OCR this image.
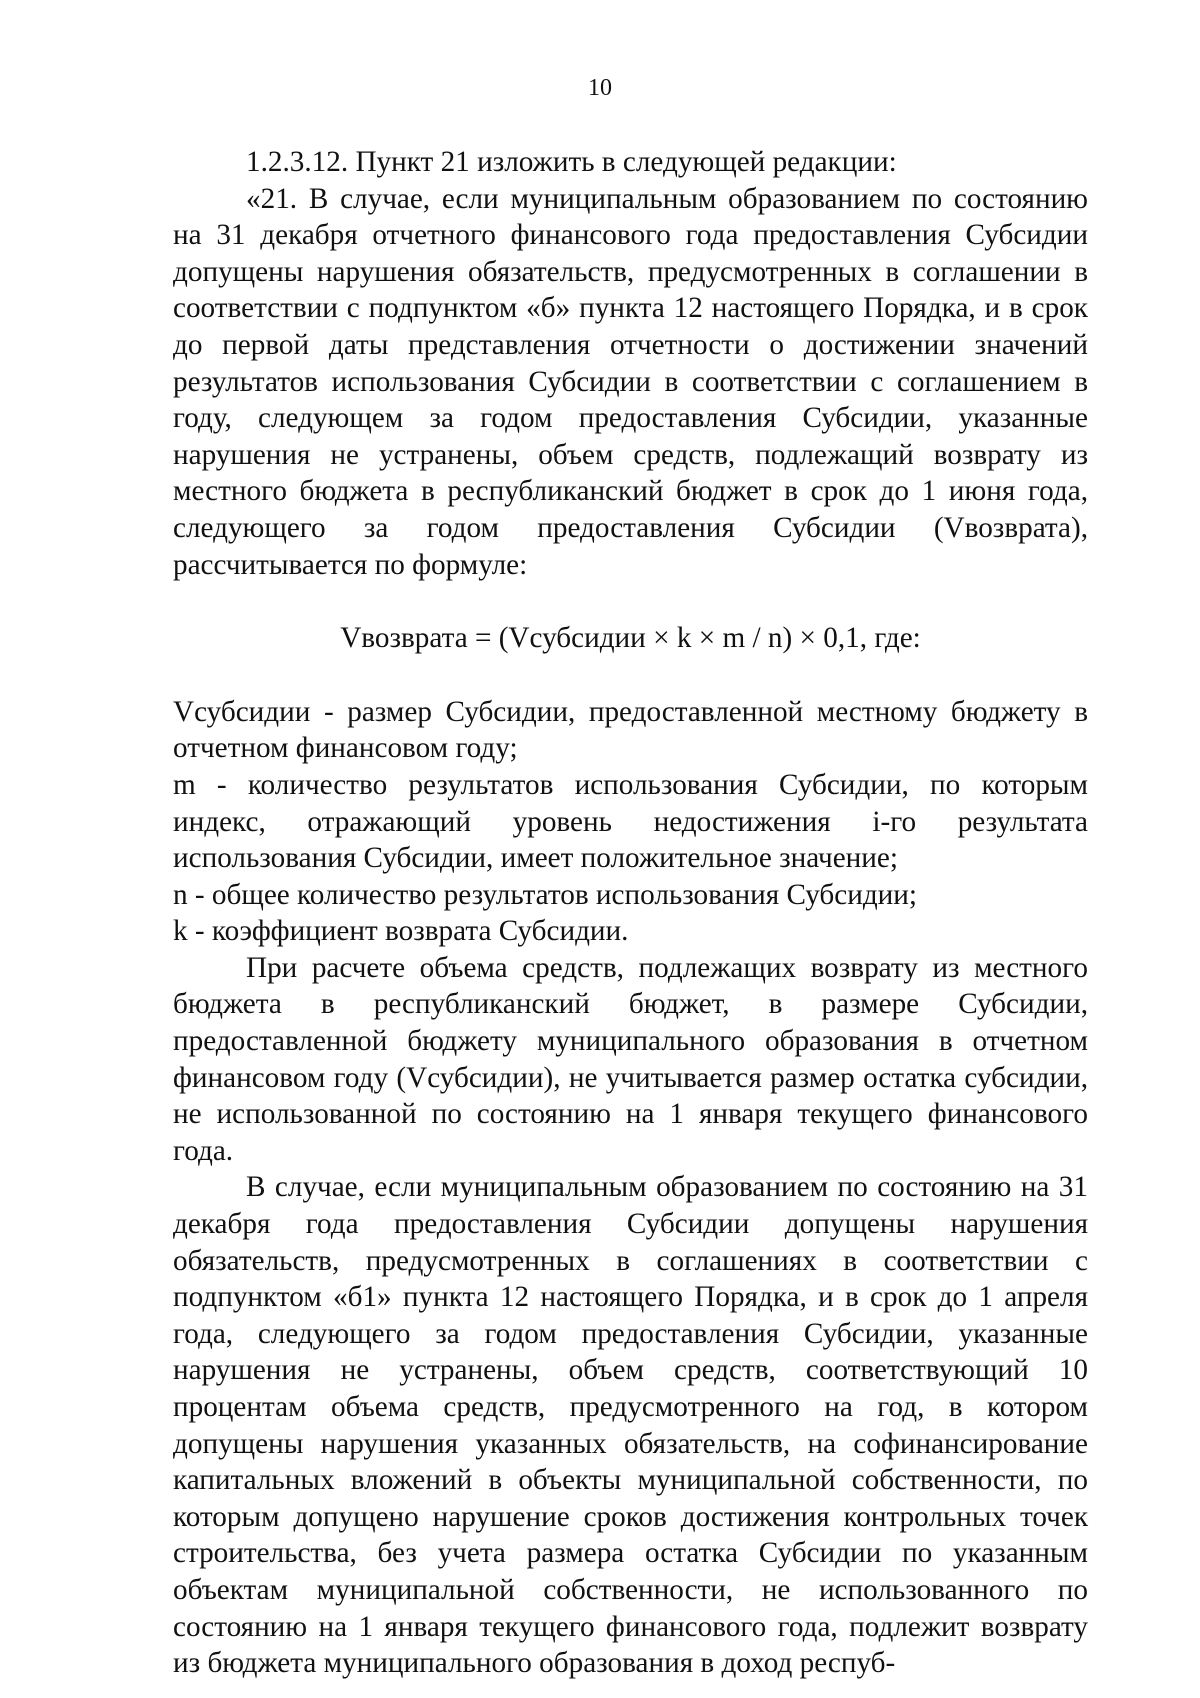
10

1.2.3.12. Пункт 21 изложить в следующей редакции:

«21. В случае, если муниципальным образованием по состоянию на 31 декабря отчетного финансового года предоставления Субсидии допущены нарушения обязательств, предусмотренных в соглашении в соответствии с подпунктом «б» пункта 12 настоящего Порядка, и в срок до первой даты представления отчетности о достижении значений результатов использования Субсидии в соответствии с соглашением в году, следующем за годом предоставления Субсидии, указанные нарушения не устранены, объем средств, подлежащий возврату из местного бюджета в республиканский бюджет в срок до 1 июня года, следующего за годом предоставления Субсидии (Vвозврата), рассчитывается по формуле:

Vвозврата = (Vсубсидии × k × m / n) × 0,1, где:

Vсубсидии - размер Субсидии, предоставленной местному бюджету в отчетном финансовом году;

m - количество результатов использования Субсидии, по которым индекс, отражающий уровень недостижения i-го результата использования Субсидии, имеет положительное значение;

n - общее количество результатов использования Субсидии;

k - коэффициент возврата Субсидии.

При расчете объема средств, подлежащих возврату из местного бюджета в республиканский бюджет, в размере Субсидии, предоставленной бюджету муниципального образования в отчетном финансовом году (Vсубсидии), не учитывается размер остатка субсидии, не использованной по состоянию на 1 января текущего финансового года.

В случае, если муниципальным образованием по состоянию на 31 декабря года предоставления Субсидии допущены нарушения обязательств, предусмотренных в соглашениях в соответствии с подпунктом «б1» пункта 12 настоящего Порядка, и в срок до 1 апреля года, следующего за годом предоставления Субсидии, указанные нарушения не устранены, объем средств, соответствующий 10 процентам объема средств, предусмотренного на год, в котором допущены нарушения указанных обязательств, на софинансирование капитальных вложений в объекты муниципальной собственности, по которым допущено нарушение сроков достижения контрольных точек строительства, без учета размера остатка Субсидии по указанным объектам муниципальной собственности, не использованного по состоянию на 1 января текущего финансового года, подлежит возврату из бюджета муниципального образования в доход респуб-
